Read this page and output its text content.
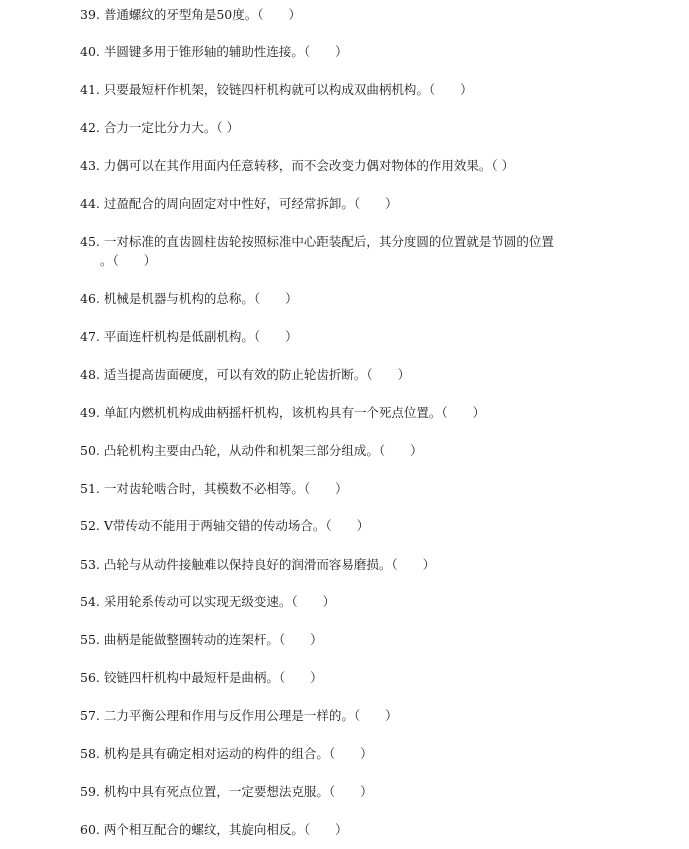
39. 普通螺纹的牙型角是50度。（　　）
40. 半圆键多用于锥形轴的辅助性连接。（　　）
41. 只要最短杆作机架，铰链四杆机构就可以构成双曲柄机构。（　　）
42. 合力一定比分力大。（ ）
43. 力偶可以在其作用面内任意转移，而不会改变力偶对物体的作用效果。（ ）
44. 过盈配合的周向固定对中性好，可经常拆卸。（　　）
45. 一对标准的直齿圆柱齿轮按照标准中心距装配后，其分度圆的位置就是节圆的位置
。（　　）
46. 机械是机器与机构的总称。（　　）
47. 平面连杆机构是低副机构。（　　）
48. 适当提高齿面硬度，可以有效的防止轮齿折断。（　　）
49. 单缸内燃机机构成曲柄摇杆机构，该机构具有一个死点位置。（　　）
50. 凸轮机构主要由凸轮，从动件和机架三部分组成。（　　）
51. 一对齿轮啮合时，其模数不必相等。（　　）
52. V带传动不能用于两轴交错的传动场合。（　　）
53. 凸轮与从动件接触难以保持良好的润滑而容易磨损。（　　）
54. 采用轮系传动可以实现无级变速。（　　）
55. 曲柄是能做整圈转动的连架杆。（　　）
56. 铰链四杆机构中最短杆是曲柄。（　　）
57. 二力平衡公理和作用与反作用公理是一样的。（　　）
58. 机构是具有确定相对运动的构件的组合。（　　）
59. 机构中具有死点位置，一定要想法克服。（　　）
60. 两个相互配合的螺纹，其旋向相反。（　　）
